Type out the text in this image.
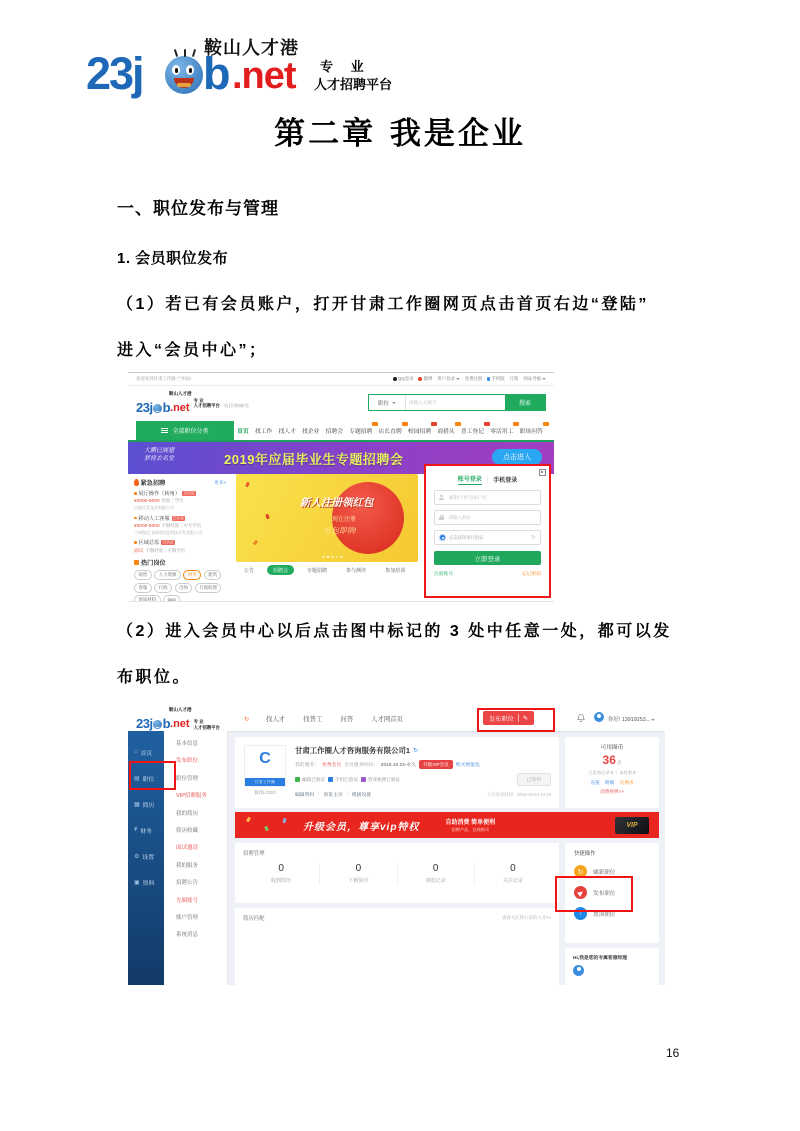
23j b .net
鞍山人才港
专 业
人才招聘平台
第二章 我是企业
一、职位发布与管理
1. 会员职位发布

（1）若已有会员账户，打开甘肃工作圈网页点击首页右边“登陆”

进入“会员中心”；

（2）进入会员中心以后点击图中标记的 3 处中任意一处，都可以发

布职位。

16
欢迎来到甘肃工作圈-兰州站!	QQ登录	微博 用户登录	免费注册	手机版 订阅 网站导航
23j b .net
鞍山人才港
专 业
人才招聘平台 站 [切换城市]	职位
请输入关键字	搜索
全部职位分类	首页 找工作 找人才 找企业 招聘会 专题招聘 店长直聘 校园招聘 商猎头 普工登记 零活用工 职场问答
大鹏已展翅
梦将去名堂	2019年应届毕业生专题招聘会	点击进入
紧急招聘	更多>
展厅操作（转角） 已认证
¥4000-8000 经验｜学历
白银区美文化有限公司
移动人工客服 已认证
¥3000-5000 不限经验｜中专学历
兰州锐达飞网络信息科技开发有限公司
区域总监 已认证
面议 不限经验｜不限学历
热门岗位
销售	人力资源	财务	建筑
客服	行政	出纳	行政助理
资质材料	java
新人注册领红包
现在注册
红包即领!
公告	招聘会	专题招聘	参与测评	参加培训
账号登录 | 手机登录
邮箱/手机号/用户名
请输入密码
点击按钮进行验证
↻
立即登录
注册账号	忘记密码
23j b .net
鞍山人才港
专 业
人才招聘平台
↻
找人才	找普工	问答	人才网首页	发布职位 ✎	你好! 13919253...
⌂
首页
▤
职位
▦
简历
¥
财务
⚙
设置
▣
资料
基本信息
发布职位
职位管理
VIP招聘服务
我的简历
简历收藏
面试邀请
我的服务
招聘公告
光圈账号
账户管理
系统消息
C
甘肃工作圈
修改LOGO
甘肃工作圈人才咨询服务有限公司1
↻
我的服务： 免费会员 会员服务时间： 2018.10.24-永久	升级VIP会员	购买增值包
邮箱已验证 手机已验证 营业执照已验证	已签到
编辑资料 | 预览主页 | 模板设置	上次登录时间：2018-10-24 14:18
可用圈币
36点
已发布记录 0 ｜ 未付款 0
充值 明细 兑换币
消费规则>>
升级会员，尊享vip特权	自助消费 简单便利
招聘产品，在线购买
VIP
招聘管理
0
收到简历
0
下载简历
0
浏览记录
0
关注记录
简历匹配	查看关注我公司的人才>>
快捷操作
↻
刷新职位
▶
发布职位
↑
置顶职位
Hi,我是您的专属客服经理
